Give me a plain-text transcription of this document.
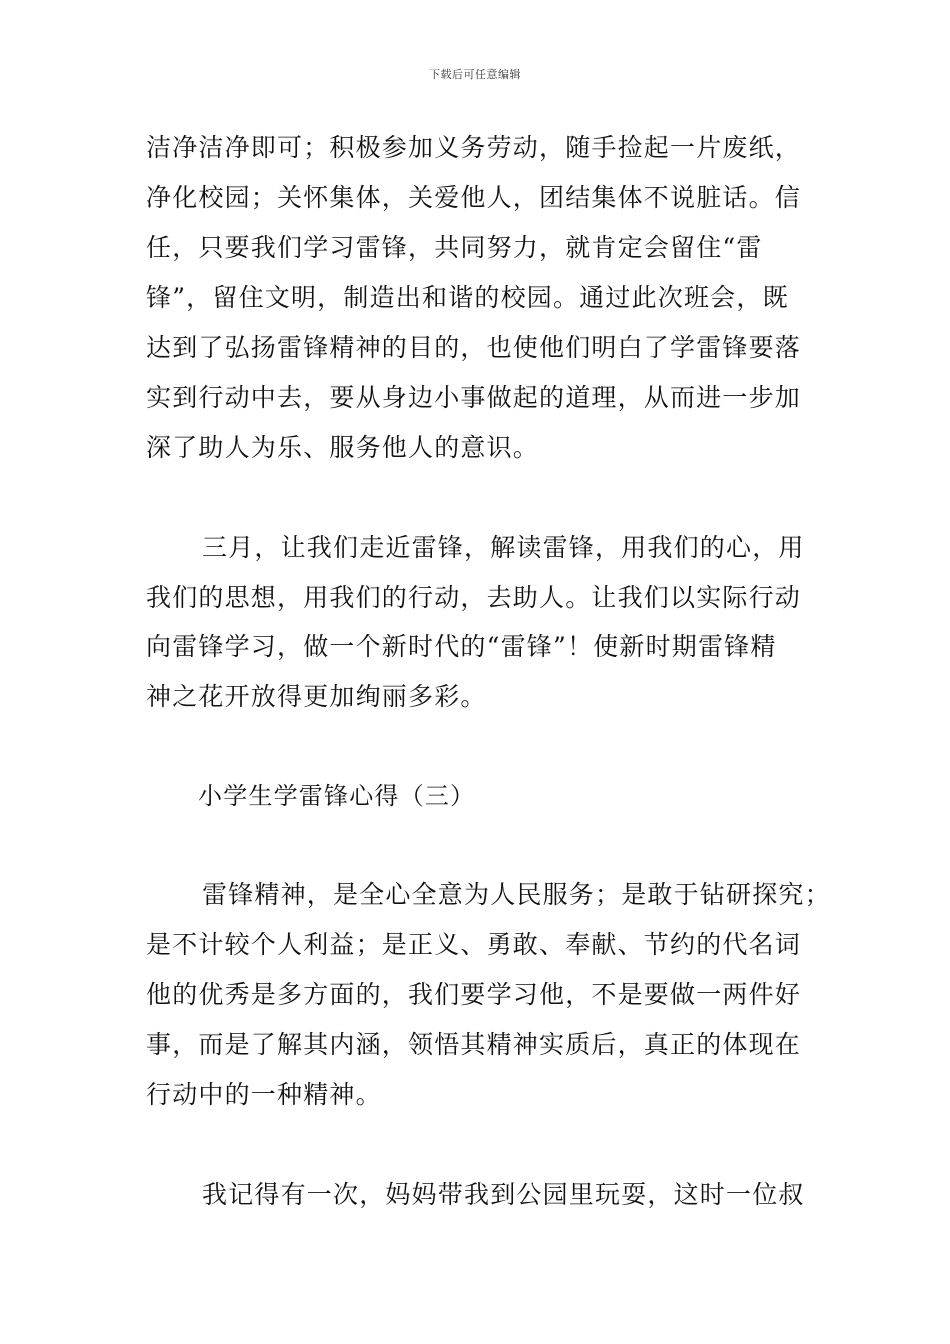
下载后可任意编辑
洁净洁净即可；积极参加义务劳动，随手捡起一片废纸，
净化校园；关怀集体，关爱他人，团结集体不说脏话。信
任，只要我们学习雷锋，共同努力，就肯定会留住“雷
锋”，留住文明，制造出和谐的校园。通过此次班会，既
达到了弘扬雷锋精神的目的，也使他们明白了学雷锋要落
实到行动中去，要从身边小事做起的道理，从而进一步加
深了助人为乐、服务他人的意识。
三月，让我们走近雷锋，解读雷锋，用我们的心，用
我们的思想，用我们的行动，去助人。让我们以实际行动
向雷锋学习，做一个新时代的“雷锋”！使新时期雷锋精
神之花开放得更加绚丽多彩。
小学生学雷锋心得（三）
雷锋精神，是全心全意为人民服务；是敢于钻研探究；
是不计较个人利益；是正义、勇敢、奉献、节约的代名词
他的优秀是多方面的，我们要学习他，不是要做一两件好
事，而是了解其内涵，领悟其精神实质后，真正的体现在
行动中的一种精神。
我记得有一次，妈妈带我到公园里玩耍，这时一位叔
